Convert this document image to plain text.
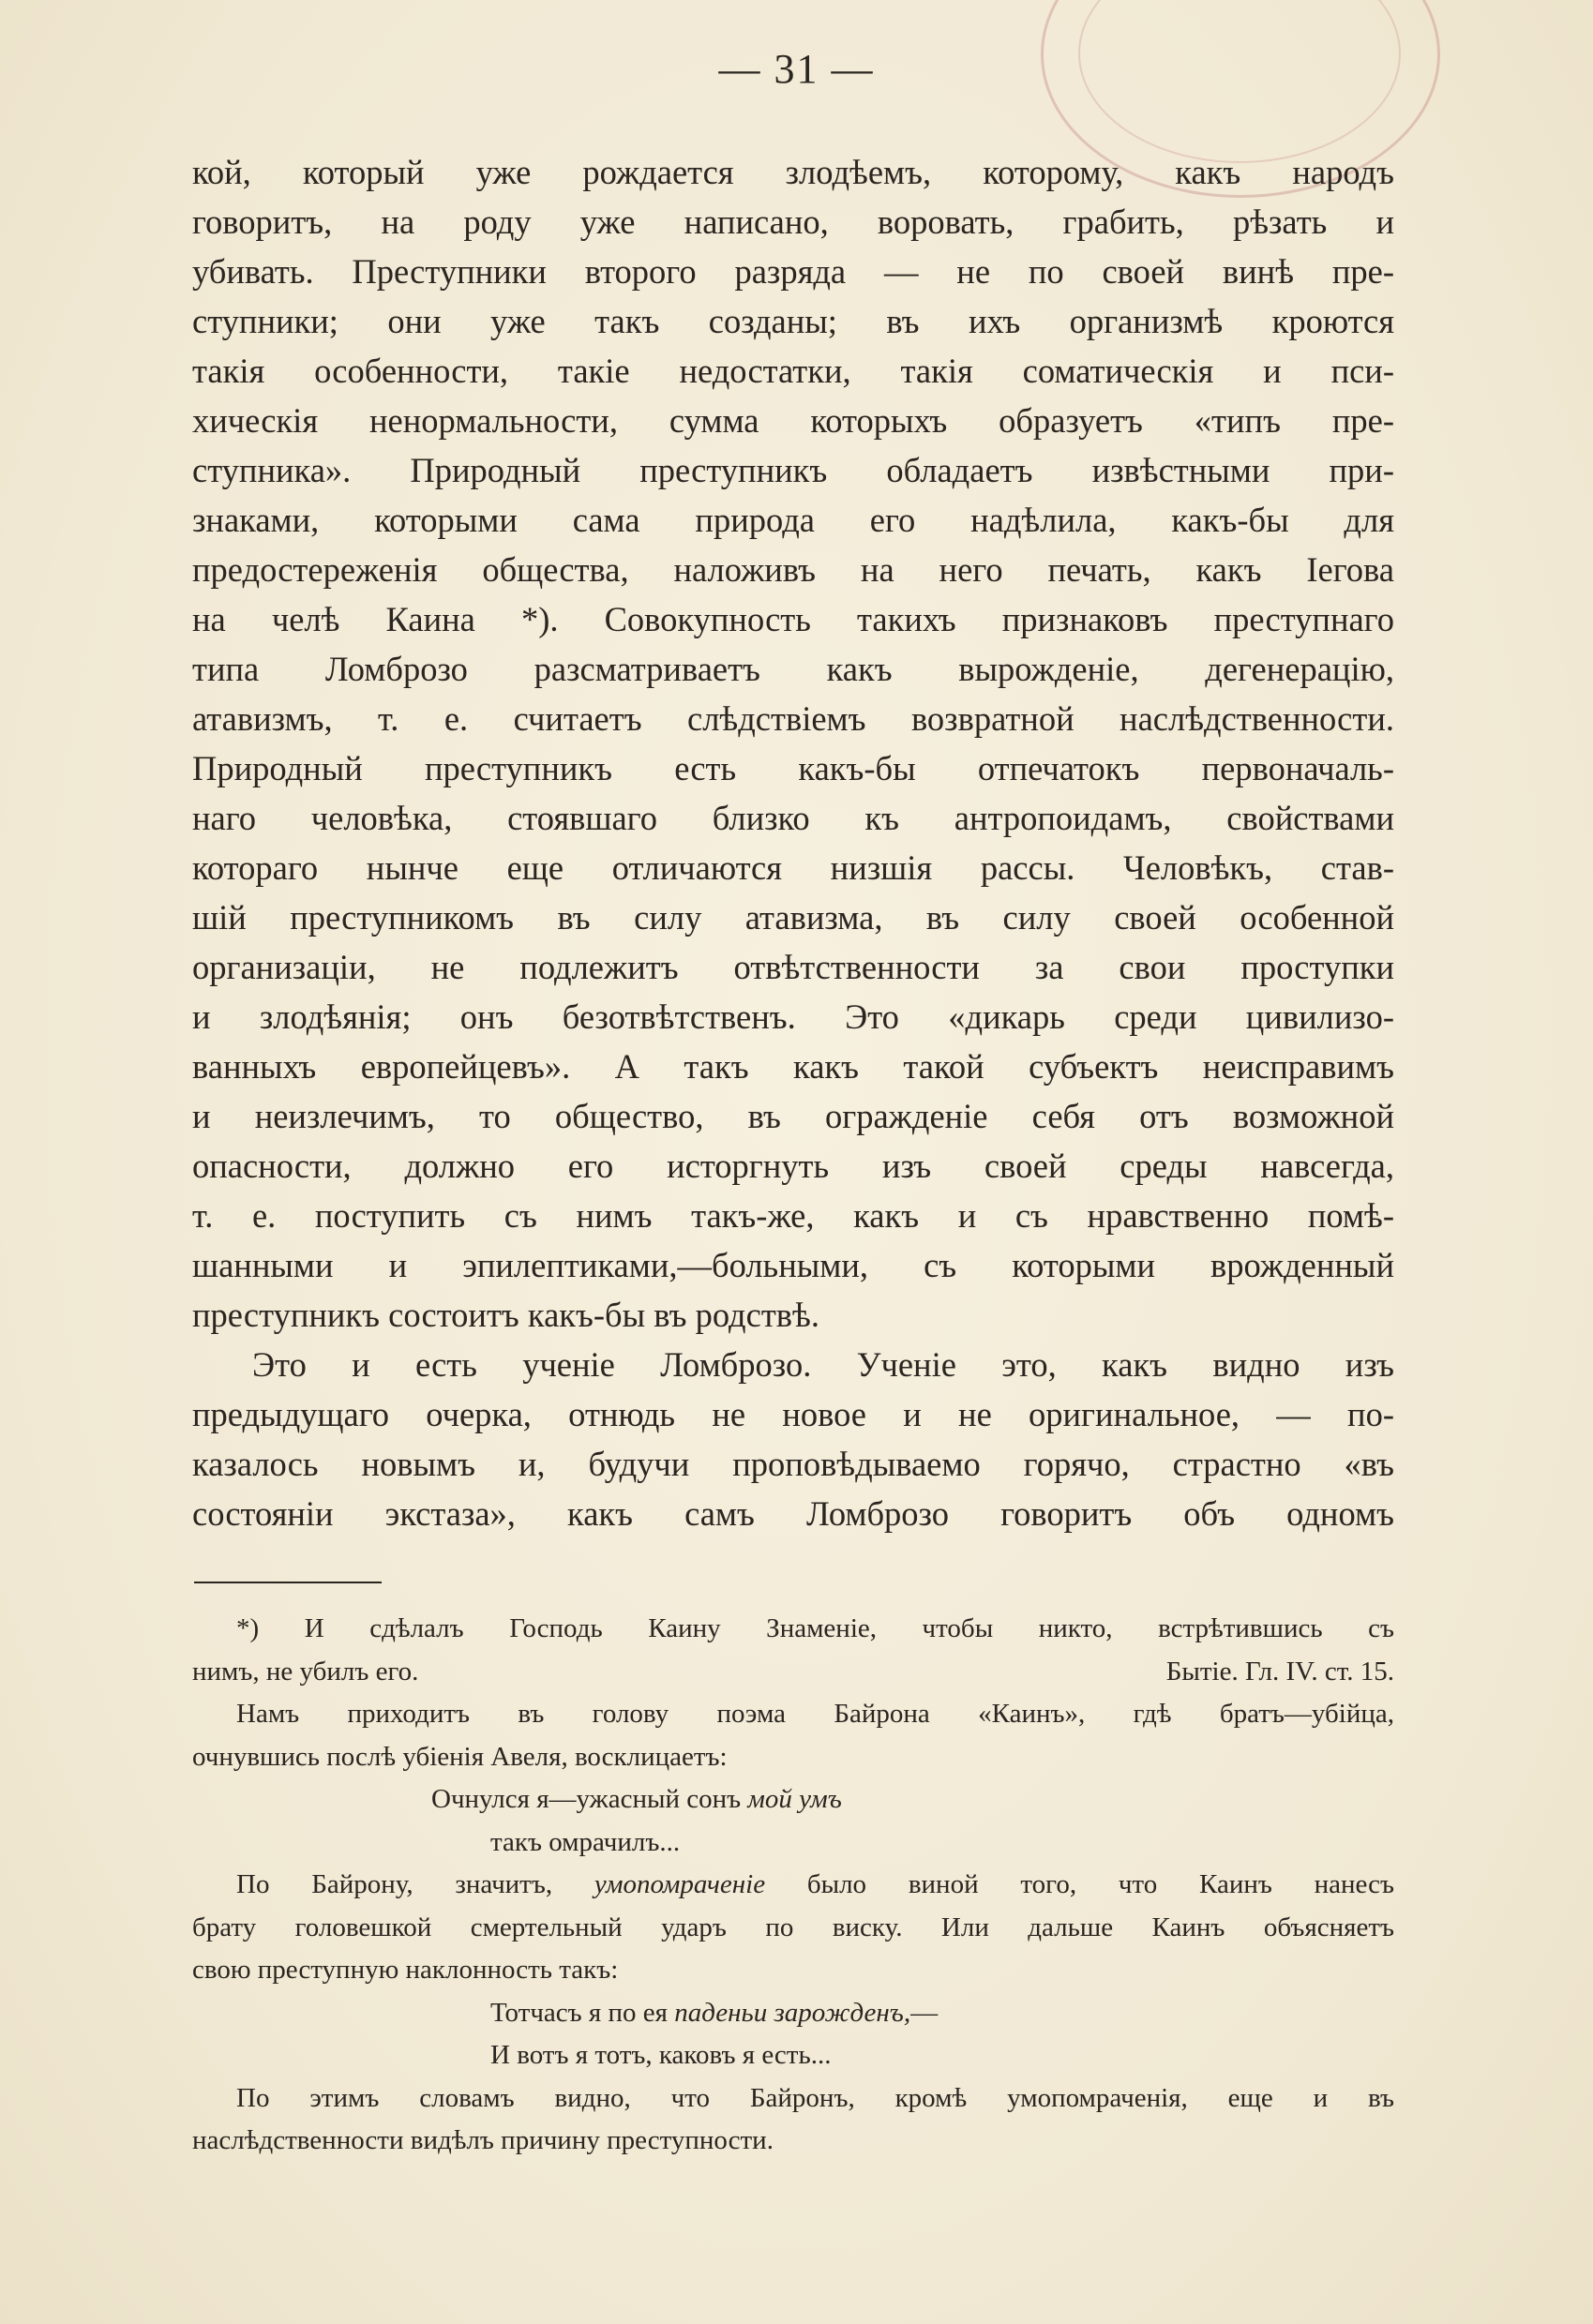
— 31 —
кой, который уже рождается злодѣемъ, которому, какъ народъ
говоритъ, на роду уже написано, воровать, грабить, рѣзать и
убивать. Преступники второго разряда — не по своей винѣ пре-
ступники; они уже такъ созданы; въ ихъ организмѣ кроются
такія особенности, такіе недостатки, такія соматическія и пси-
хическія ненормальности, сумма которыхъ образуетъ «типъ пре-
ступника». Природный преступникъ обладаетъ извѣстными при-
знаками, которыми сама природа его надѣлила, какъ-бы для
предостереженія общества, наложивъ на него печать, какъ Іегова
на челѣ Каина *). Совокупность такихъ признаковъ преступнаго
типа Ломброзо разсматриваетъ какъ вырожденіе, дегенерацію,
атавизмъ, т. е. считаетъ слѣдствіемъ возвратной наслѣдственности.
Природный преступникъ есть какъ-бы отпечатокъ первоначаль-
наго человѣка, стоявшаго близко къ антропоидамъ, свойствами
котораго нынче еще отличаются низшія рассы. Человѣкъ, став-
шій преступникомъ въ силу атавизма, въ силу своей особенной
организаціи, не подлежитъ отвѣтственности за свои проступки
и злодѣянія; онъ безотвѣтственъ. Это «дикарь среди цивилизо-
ванныхъ европейцевъ». А такъ какъ такой субъектъ неисправимъ
и неизлечимъ, то общество, въ огражденіе себя отъ возможной
опасности, должно его исторгнуть изъ своей среды навсегда,
т. е. поступить съ нимъ такъ-же, какъ и съ нравственно помѣ-
шанными и эпилептиками,—больными, съ которыми врожденный
преступникъ состоитъ какъ-бы въ родствѣ.
Это и есть ученіе Ломброзо. Ученіе это, какъ видно изъ
предыдущаго очерка, отнюдь не новое и не оригинальное, — по-
казалось новымъ и, будучи проповѣдываемо горячо, страстно «въ
состояніи экстаза», какъ самъ Ломброзо говоритъ объ одномъ
*) И сдѣлалъ Господь Каину Знаменіе, чтобы никто, встрѣтившись съ
нимъ, не убилъ его.	Бытіе. Гл. IV. ст. 15.
Намъ приходитъ въ голову поэма Байрона «Каинъ», гдѣ братъ—убійца,
очнувшись послѣ убіенія Авеля, восклицаетъ:
Очнулся я—ужасный сонъ мой умъ
такъ омрачилъ...
По Байрону, значитъ, умопомраченіе было виной того, что Каинъ нанесъ
брату головешкой смертельный ударъ по виску. Или дальше Каинъ объясняетъ
свою преступную наклонность такъ:
Тотчасъ я по ея паденьи зарожденъ,—
И вотъ я тотъ, каковъ я есть...
По этимъ словамъ видно, что Байронъ, кромѣ умопомраченія, еще и въ
наслѣдственности видѣлъ причину преступности.
